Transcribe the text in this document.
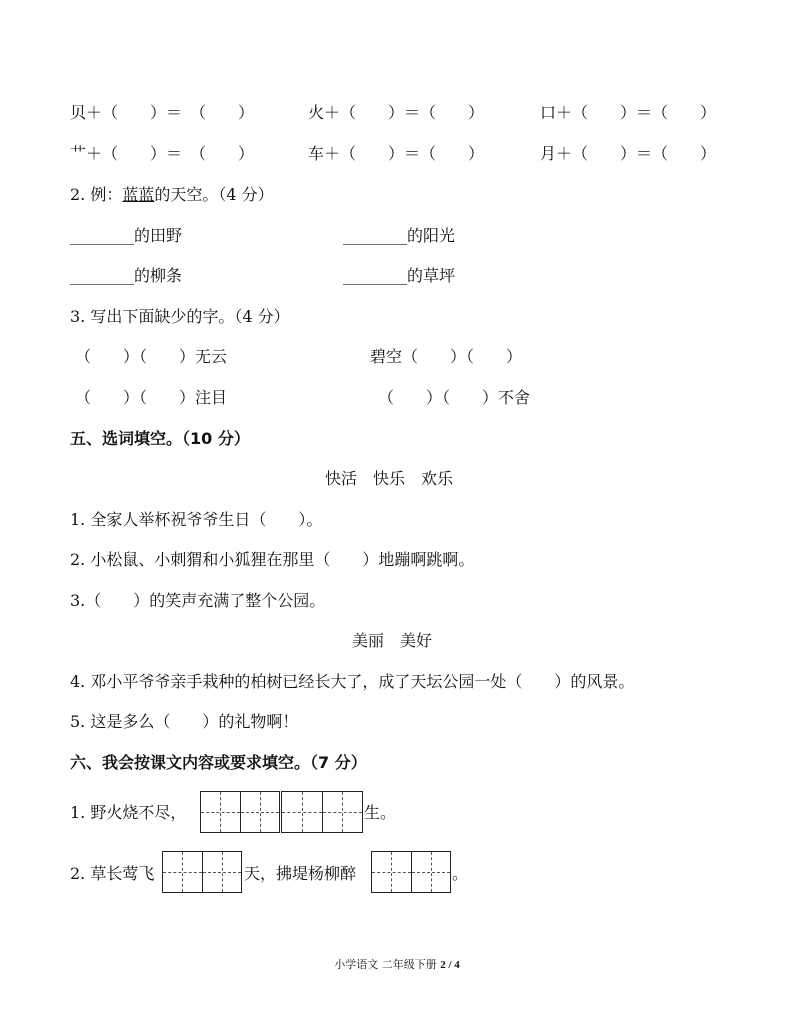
贝＋（　　）＝　（　　）	火＋（　　）＝（　　）	口＋（　　）＝（　　）
艹＋（　　）＝　（　　）	车＋（　　）＝（　　）	月＋（　　）＝（　　）
2. 例：蓝蓝的天空。（4 分）
________的田野	________的阳光
________的柳条	________的草坪
3. 写出下面缺少的字。（4 分）
（　　）（　　）无云	碧空（　　）（　　）
（　　）（　　）注目	（　　）（　　）不舍
五、选词填空。（10 分）
快活　快乐　欢乐
1. 全家人举杯祝爷爷生日（　　）。
2. 小松鼠、小刺猬和小狐狸在那里（　　）地蹦啊跳啊。
3.（　　）的笑声充满了整个公园。
美丽　美好
4. 邓小平爷爷亲手栽种的柏树已经长大了，成了天坛公园一处（　　）的风景。
5. 这是多么（　　）的礼物啊！
六、我会按课文内容或要求填空。（7 分）
1. 野火烧不尽，	生。
2. 草长莺飞	天，拂堤杨柳醉	。
小学语文 二年级下册 2 / 4
